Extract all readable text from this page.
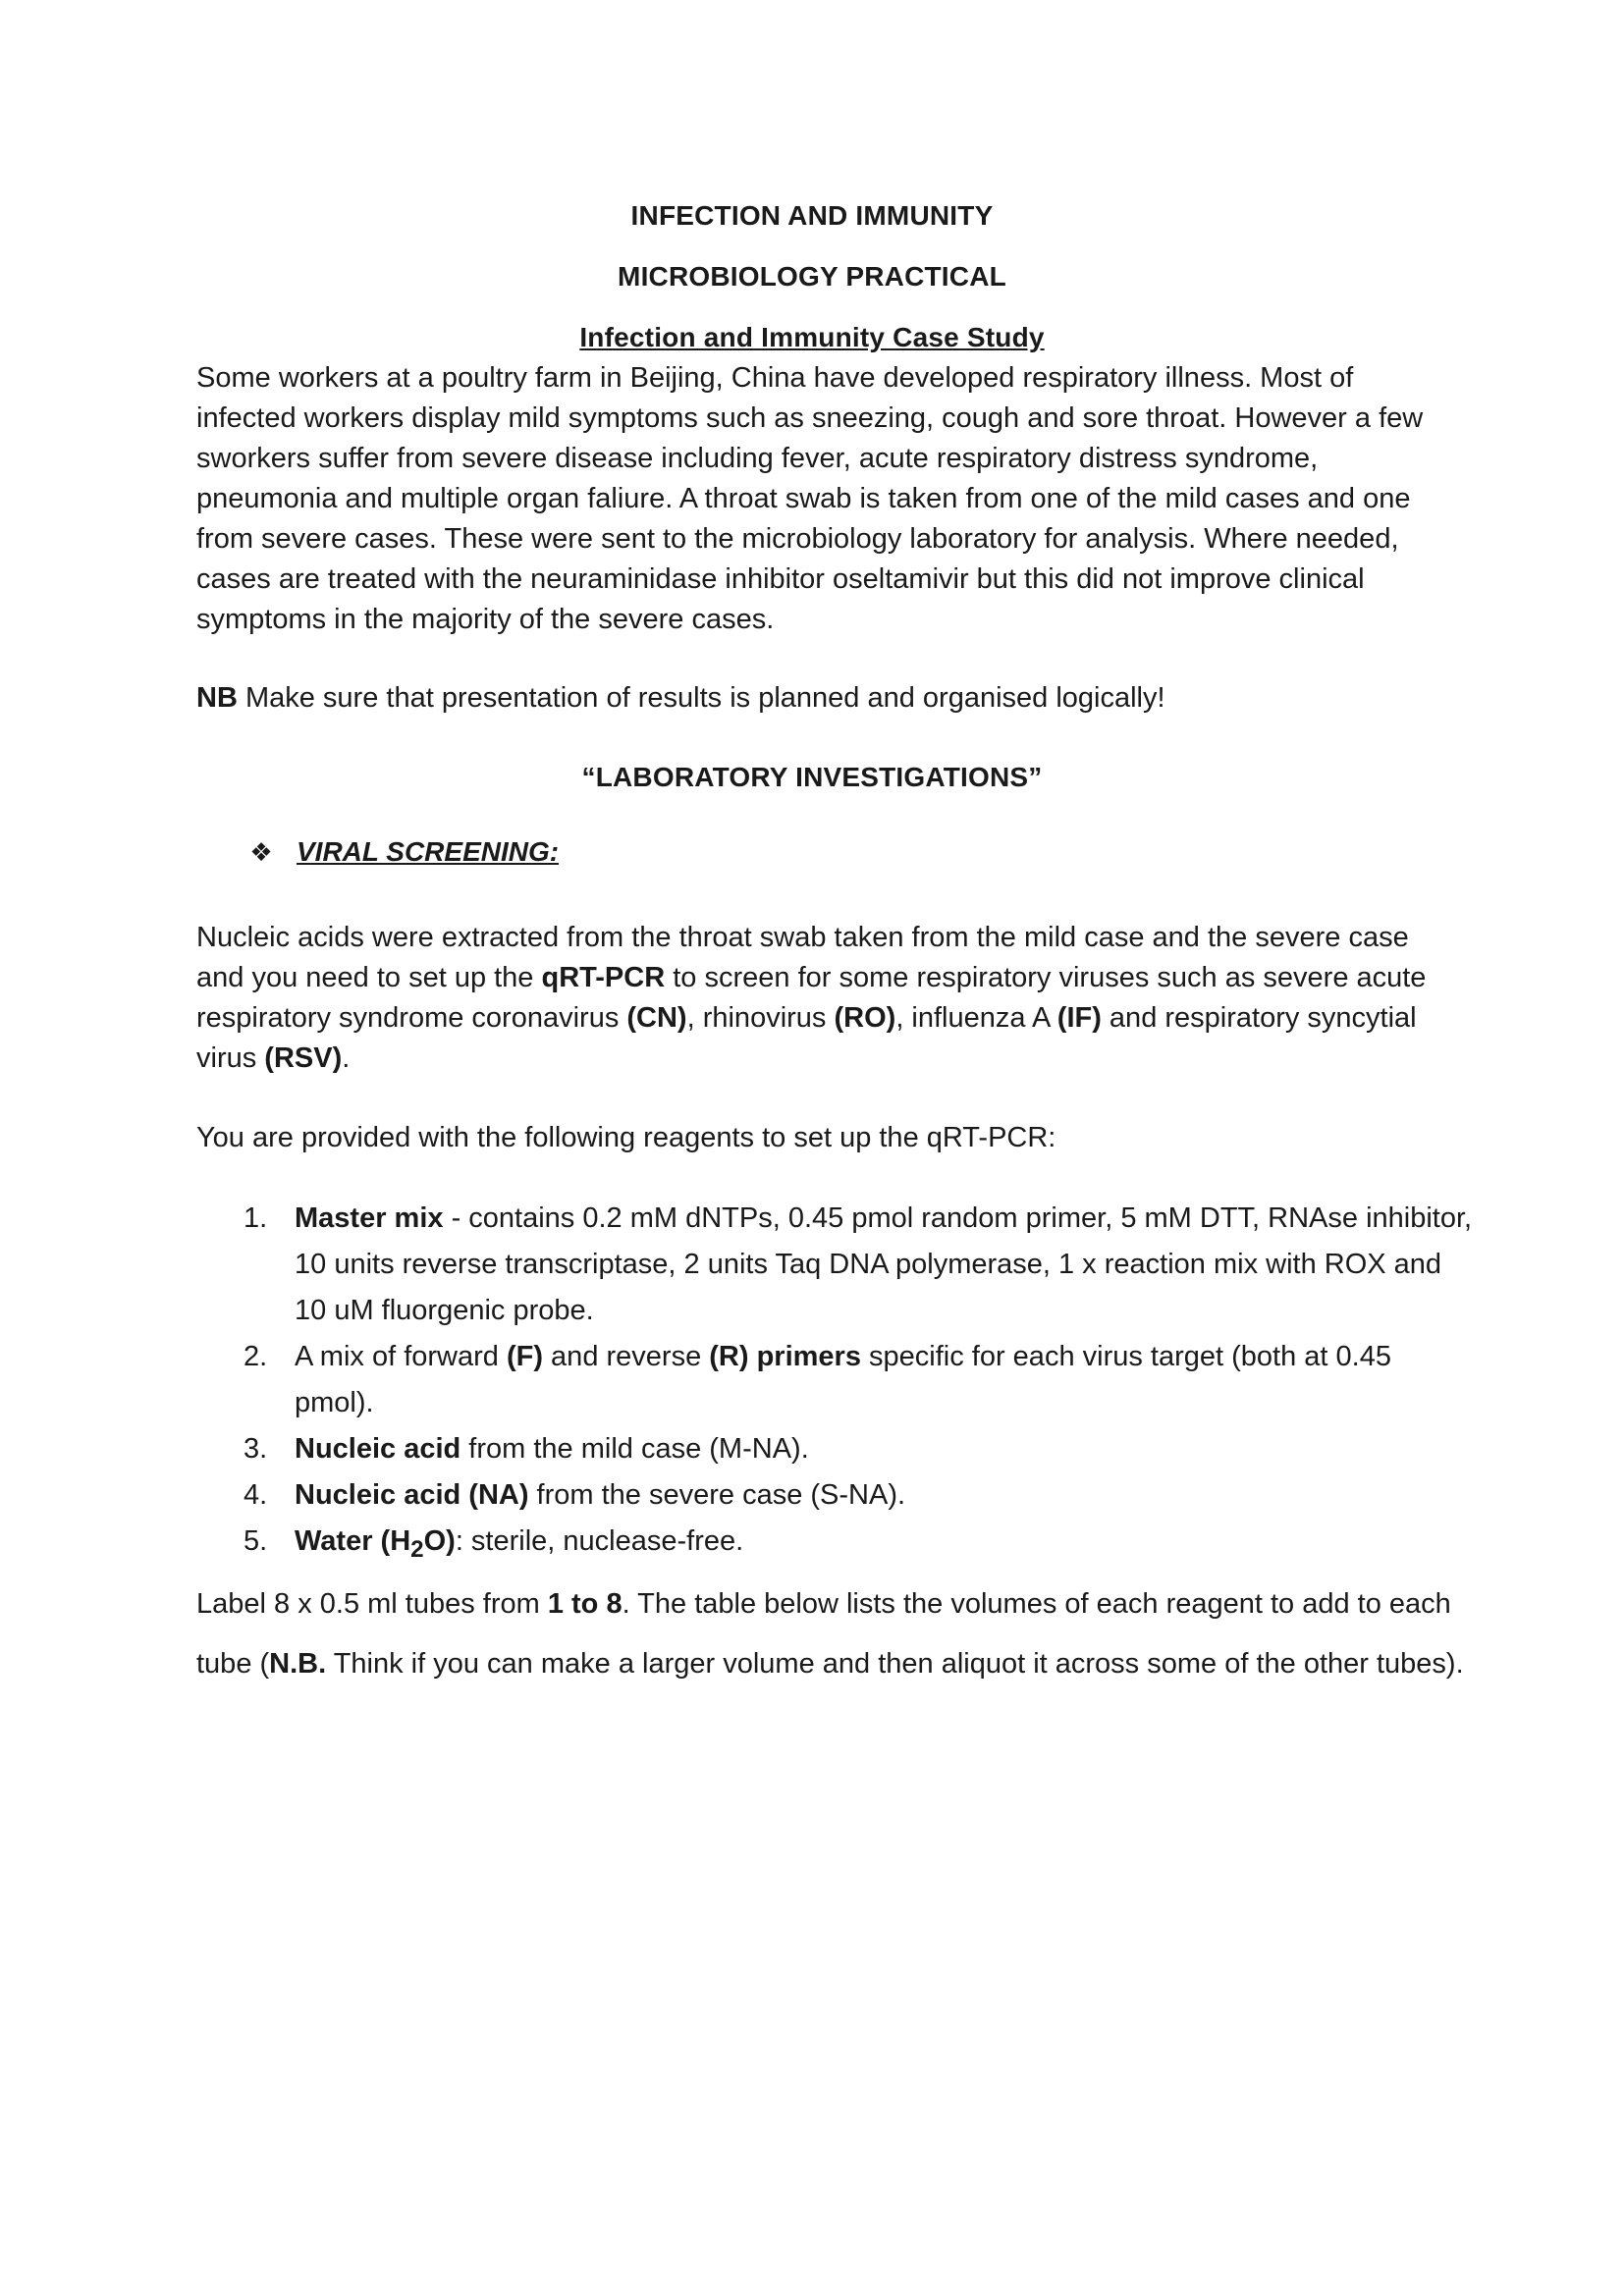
INFECTION AND IMMUNITY
MICROBIOLOGY PRACTICAL
Infection and Immunity Case Study
Some workers at a poultry farm in Beijing, China have developed respiratory illness. Most of infected workers display mild symptoms such as sneezing, cough and sore throat. However a few sworkers suffer from severe disease including fever, acute respiratory distress syndrome, pneumonia and multiple organ faliure. A throat swab is taken from one of the mild cases and one from severe cases. These were sent to the microbiology laboratory for analysis. Where needed, cases are treated with the neuraminidase inhibitor oseltamivir but this did not improve clinical symptoms in the majority of the severe cases.
NB Make sure that presentation of results is planned and organised logically!
“LABORATORY INVESTIGATIONS”
❖ VIRAL SCREENING:
Nucleic acids were extracted from the throat swab taken from the mild case and the severe case and you need to set up the qRT-PCR to screen for some respiratory viruses such as severe acute respiratory syndrome coronavirus (CN), rhinovirus (RO), influenza A (IF) and respiratory syncytial virus (RSV).
You are provided with the following reagents to set up the qRT-PCR:
1. Master mix - contains 0.2 mM dNTPs, 0.45 pmol random primer, 5 mM DTT, RNAse inhibitor, 10 units reverse transcriptase, 2 units Taq DNA polymerase, 1 x reaction mix with ROX and 10 uM fluorgenic probe.
2. A mix of forward (F) and reverse (R) primers specific for each virus target (both at 0.45 pmol).
3. Nucleic acid from the mild case (M-NA).
4. Nucleic acid (NA) from the severe case (S-NA).
5. Water $(H_2O)$: sterile, nuclease-free.
Label 8 x 0.5 ml tubes from 1 to 8. The table below lists the volumes of each reagent to add to each tube (N.B. Think if you can make a larger volume and then aliquot it across some of the other tubes).
